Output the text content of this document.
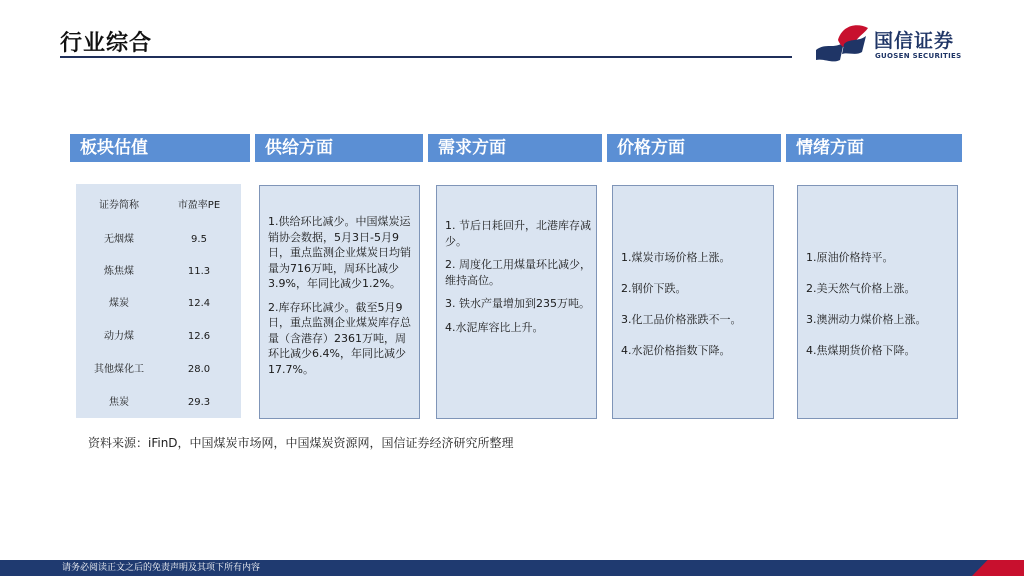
行业综合	国信证券
GUOSEN SECURITIES
板块估值	供给方面	需求方面	价格方面	情绪方面
证券简称	市盈率PE
无烟煤	9.5
炼焦煤	11.3
煤炭	12.4
动力煤	12.6
其他煤化工	28.0
焦炭	29.3

1.供给环比减少。中国煤炭运销协会数据，5月3日-5月9日，重点监测企业煤炭日均销量为716万吨，周环比减少3.9%，年同比减少1.2%。

2.库存环比减少。截至5月9日，重点监测企业煤炭库存总量（含港存）2361万吨，周环比减少6.4%，年同比减少17.7%。

1. 节后日耗回升，北港库存减少。

2. 周度化工用煤量环比减少，维持高位。

3. 铁水产量增加到235万吨。

4.水泥库容比上升。

1.煤炭市场价格上涨。

2.钢价下跌。

3.化工品价格涨跌不一。

4.水泥价格指数下降。

1.原油价格持平。

2.美天然气价格上涨。

3.澳洲动力煤价格上涨。

4.焦煤期货价格下降。

资料来源：iFinD，中国煤炭市场网，中国煤炭资源网，国信证券经济研究所整理
请务必阅读正文之后的免责声明及其项下所有内容
